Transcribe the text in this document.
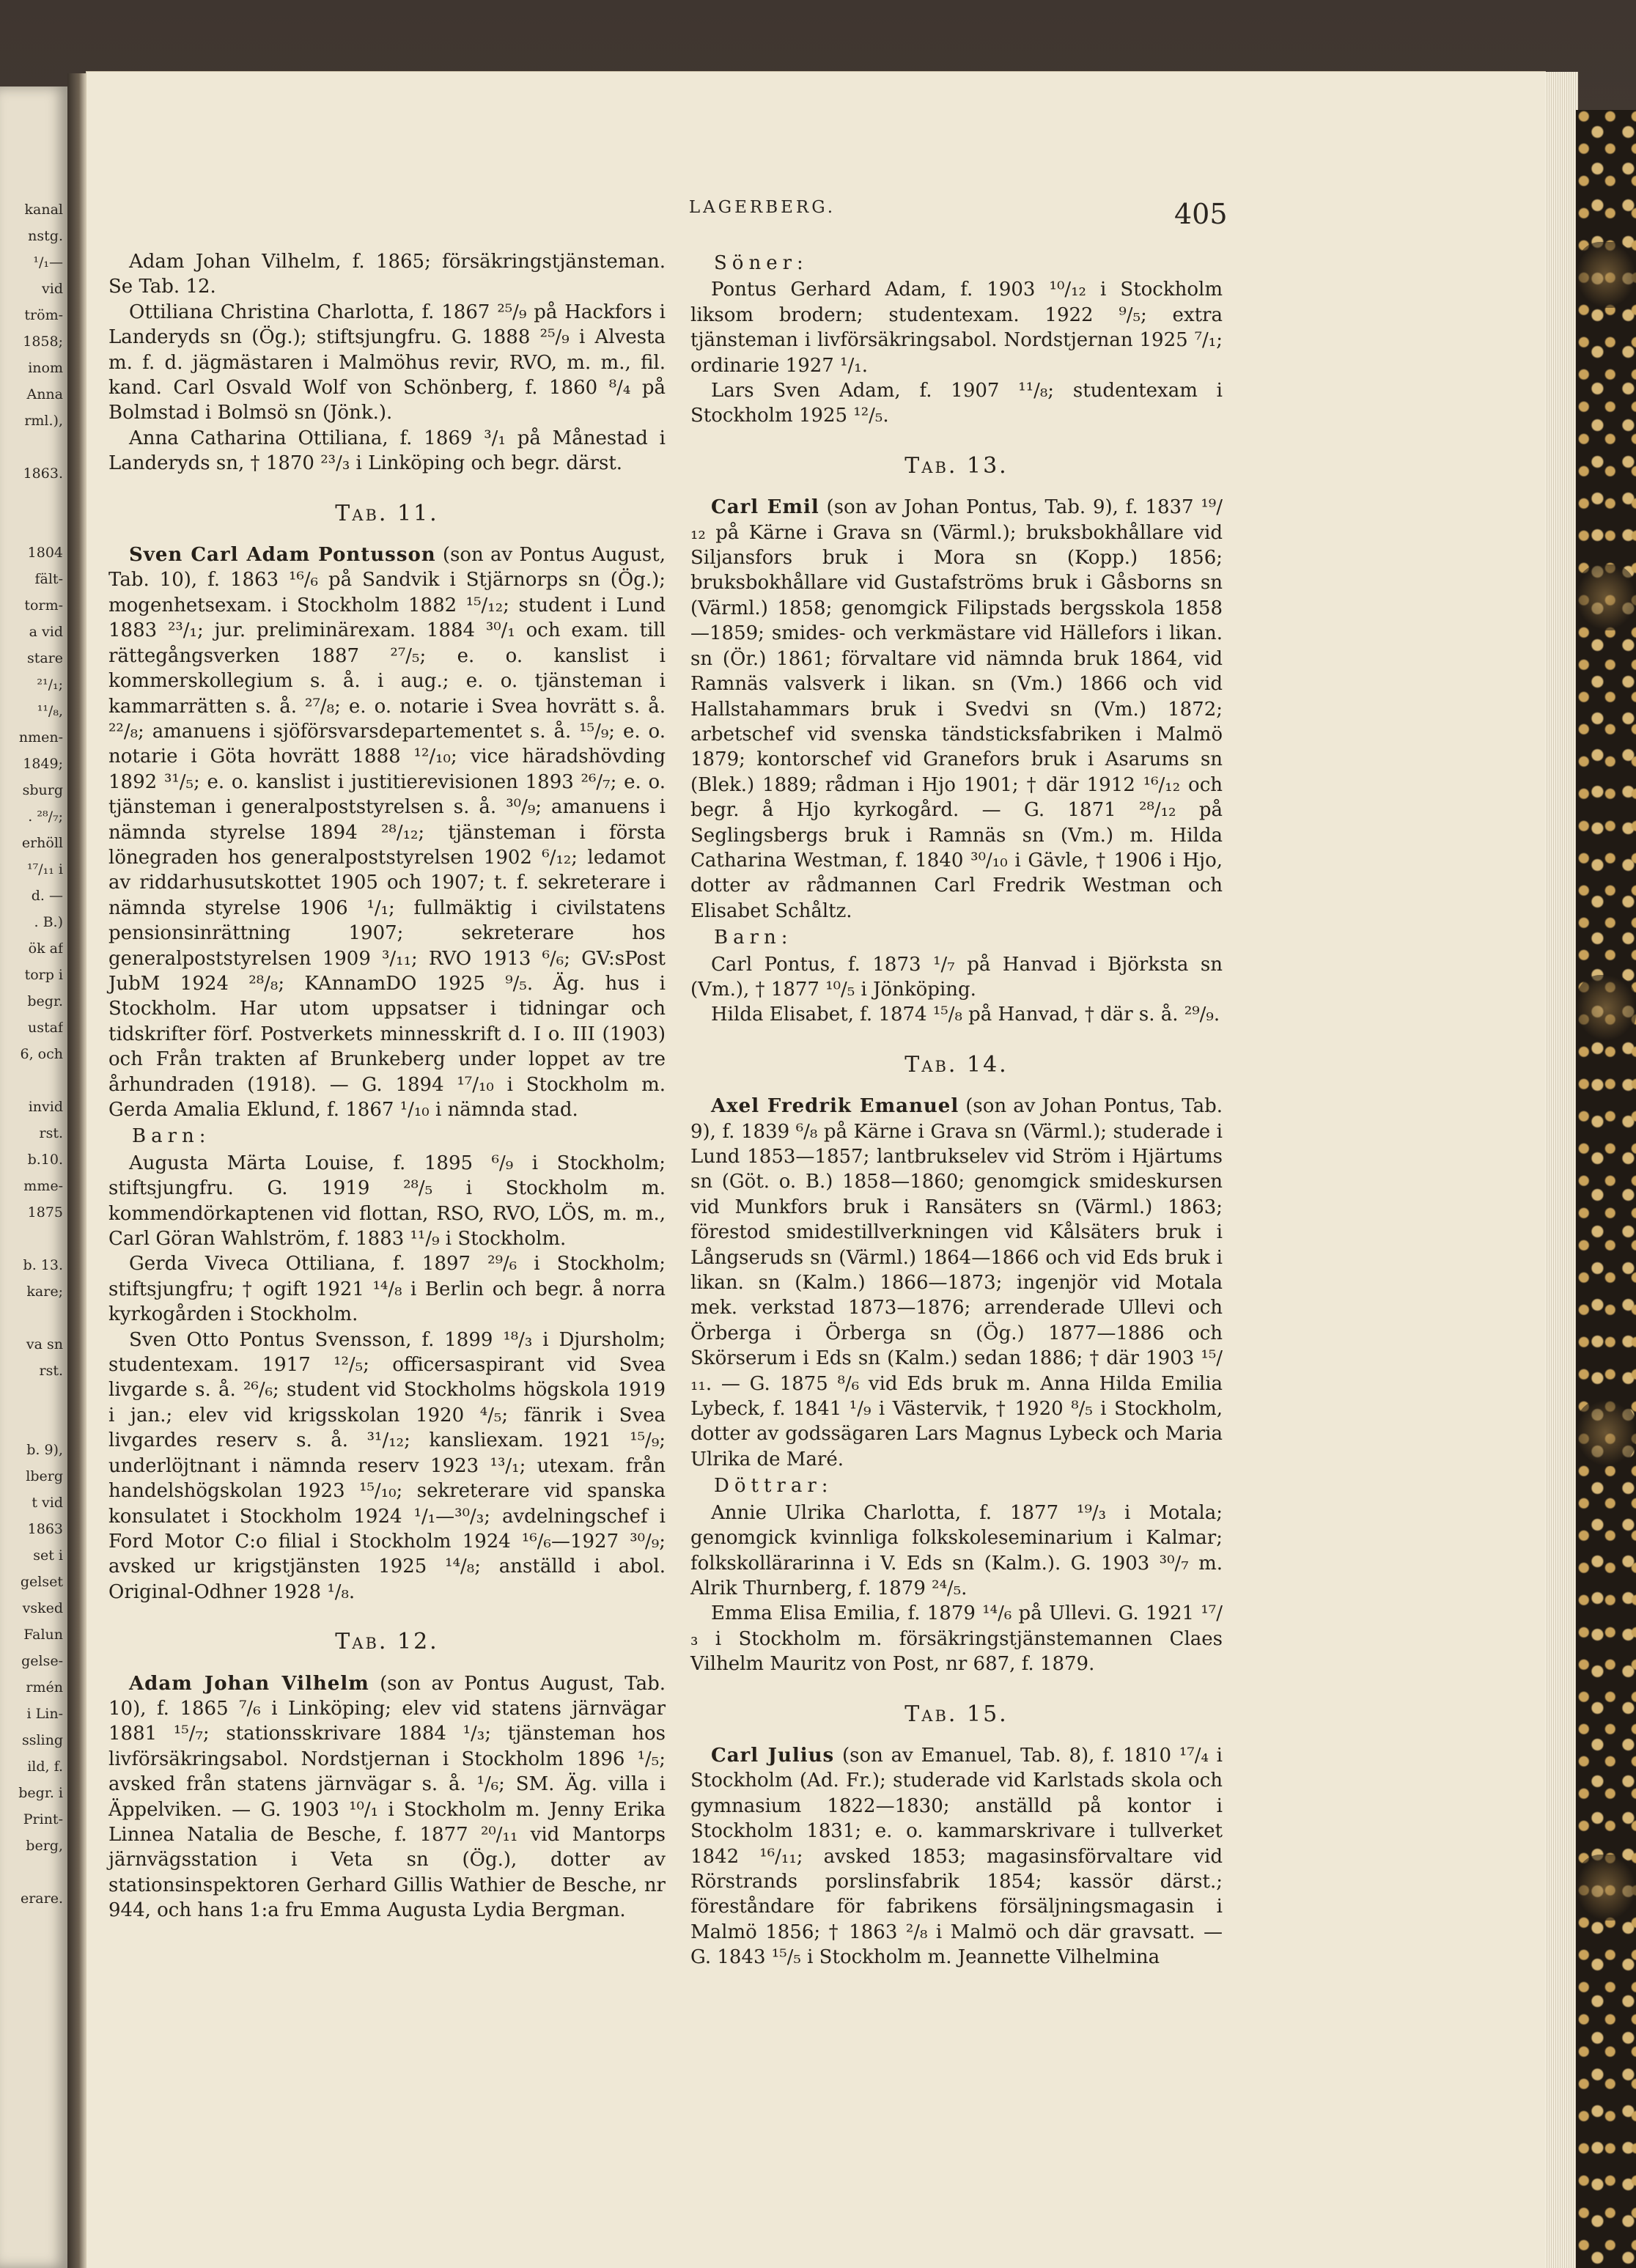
kanal
nstg.
¹/₁—
vid
tröm-
1858;
inom
Anna
rml.),
1863.
1804
fält-
torm-
a vid
stare
²¹/₁;
¹¹/₈,
nmen-
1849;
sburg
. ²⁸/₇;
erhöll
¹⁷/₁₁ i
d. —
. B.)
ök af
torp i
begr.
ustaf
6, och
invid
rst.
b.10.
mme-
1875
b. 13.
kare;
va sn
rst.
b. 9),
lberg
t vid
1863
set i
gelset
vsked
Falun
gelse-
rmén
i Lin-
ssling
ild, f.
begr. i
Print-
berg,
erare.
LAGERBERG.	405

Adam Johan Vilhelm, f. 1865; försäkringstjänsteman. Se Tab. 12.

Ottiliana Christina Charlotta, f. 1867 ²⁵/₉ på Hackfors i Landeryds sn (Ög.); stiftsjungfru. G. 1888 ²⁵/₉ i Alvesta m. f. d. jägmästaren i Malmöhus revir, RVO, m. m., fil. kand. Carl Osvald Wolf von Schönberg, f. 1860 ⁸/₄ på Bolmstad i Bolmsö sn (Jönk.).

Anna Catharina Ottiliana, f. 1869 ³/₁ på Månestad i Landeryds sn, † 1870 ²³/₃ i Linköping och begr. därst.

Tab. 11.

Sven Carl Adam Pontusson (son av Pontus August, Tab. 10), f. 1863 ¹⁶/₆ på Sandvik i Stjärnorps sn (Ög.); mogenhetsexam. i Stockholm 1882 ¹⁵/₁₂; student i Lund 1883 ²³/₁; jur. preliminärexam. 1884 ³⁰/₁ och exam. till rättegångsverken 1887 ²⁷/₅; e. o. kanslist i kommerskollegium s. å. i aug.; e. o. tjänsteman i kammarrätten s. å. ²⁷/₈; e. o. notarie i Svea hovrätt s. å. ²²/₈; amanuens i sjöförsvarsdepartementet s. å. ¹⁵/₉; e. o. notarie i Göta hovrätt 1888 ¹²/₁₀; vice häradshövding 1892 ³¹/₅; e. o. kanslist i justitierevisionen 1893 ²⁶/₇; e. o. tjänsteman i generalpoststyrelsen s. å. ³⁰/₉; amanuens i nämnda styrelse 1894 ²⁸/₁₂; tjänsteman i första lönegraden hos generalpoststyrelsen 1902 ⁶/₁₂; ledamot av riddarhusutskottet 1905 och 1907; t. f. sekreterare i nämnda styrelse 1906 ¹/₁; fullmäktig i civilstatens pensionsinrättning 1907; sekreterare hos generalpoststyrelsen 1909 ³/₁₁; RVO 1913 ⁶/₆; GV:sPost JubM 1924 ²⁸/₈; KAnnamDO 1925 ⁹/₅. Äg. hus i Stockholm. Har utom uppsatser i tidningar och tidskrifter förf. Postverkets minnesskrift d. I o. III (1903) och Från trakten af Brunkeberg under loppet av tre århundraden (1918). — G. 1894 ¹⁷/₁₀ i Stockholm m. Gerda Amalia Eklund, f. 1867 ¹/₁₀ i nämnda stad.

Barn:

Augusta Märta Louise, f. 1895 ⁶/₉ i Stockholm; stiftsjungfru. G. 1919 ²⁸/₅ i Stockholm m. kommendörkaptenen vid flottan, RSO, RVO, LÖS, m. m., Carl Göran Wahlström, f. 1883 ¹¹/₉ i Stockholm.

Gerda Viveca Ottiliana, f. 1897 ²⁹/₆ i Stockholm; stiftsjungfru; † ogift 1921 ¹⁴/₈ i Berlin och begr. å norra kyrkogården i Stockholm.

Sven Otto Pontus Svensson, f. 1899 ¹⁸/₃ i Djursholm; studentexam. 1917 ¹²/₅; officersaspirant vid Svea livgarde s. å. ²⁶/₆; student vid Stockholms högskola 1919 i jan.; elev vid krigsskolan 1920 ⁴/₅; fänrik i Svea livgardes reserv s. å. ³¹/₁₂; kansliexam. 1921 ¹⁵/₉; underlöjtnant i nämnda reserv 1923 ¹³/₁; utexam. från handelshögskolan 1923 ¹⁵/₁₀; sekreterare vid spanska konsulatet i Stockholm 1924 ¹/₁—³⁰/₃; avdelningschef i Ford Motor C:o filial i Stockholm 1924 ¹⁶/₆—1927 ³⁰/₉; avsked ur krigstjänsten 1925 ¹⁴/₈; anställd i abol. Original-Odhner 1928 ¹/₈.

Tab. 12.

Adam Johan Vilhelm (son av Pontus August, Tab. 10), f. 1865 ⁷/₆ i Linköping; elev vid statens järnvägar 1881 ¹⁵/₇; stationsskrivare 1884 ¹/₃; tjänsteman hos livförsäkringsabol. Nordstjernan i Stockholm 1896 ¹/₅; avsked från statens järnvägar s. å. ¹/₆; SM. Äg. villa i Äppelviken. — G. 1903 ¹⁰/₁ i Stockholm m. Jenny Erika Linnea Natalia de Besche, f. 1877 ²⁰/₁₁ vid Mantorps järnvägsstation i Veta sn (Ög.), dotter av stationsinspektoren Gerhard Gillis Wathier de Besche, nr 944, och hans 1:a fru Emma Augusta Lydia Bergman.

Söner:

Pontus Gerhard Adam, f. 1903 ¹⁰/₁₂ i Stockholm liksom brodern; studentexam. 1922 ⁹/₅; extra tjänsteman i livförsäkringsabol. Nordstjernan 1925 ⁷/₁; ordinarie 1927 ¹/₁.

Lars Sven Adam, f. 1907 ¹¹/₈; studentexam i Stockholm 1925 ¹²/₅.

Tab. 13.

Carl Emil (son av Johan Pontus, Tab. 9), f. 1837 ¹⁹/₁₂ på Kärne i Grava sn (Värml.); bruksbokhållare vid Siljansfors bruk i Mora sn (Kopp.) 1856; bruksbokhållare vid Gustafströms bruk i Gåsborns sn (Värml.) 1858; genomgick Filipstads bergsskola 1858—1859; smides- och verkmästare vid Hällefors i likan. sn (Ör.) 1861; förvaltare vid nämnda bruk 1864, vid Ramnäs valsverk i likan. sn (Vm.) 1866 och vid Hallstahammars bruk i Svedvi sn (Vm.) 1872; arbetschef vid svenska tändsticksfabriken i Malmö 1879; kontorschef vid Granefors bruk i Asarums sn (Blek.) 1889; rådman i Hjo 1901; † där 1912 ¹⁶/₁₂ och begr. å Hjo kyrkogård. — G. 1871 ²⁸/₁₂ på Seglingsbergs bruk i Ramnäs sn (Vm.) m. Hilda Catharina Westman, f. 1840 ³⁰/₁₀ i Gävle, † 1906 i Hjo, dotter av rådmannen Carl Fredrik Westman och Elisabet Schåltz.

Barn:

Carl Pontus, f. 1873 ¹/₇ på Hanvad i Björksta sn (Vm.), † 1877 ¹⁰/₅ i Jönköping.

Hilda Elisabet, f. 1874 ¹⁵/₈ på Hanvad, † där s. å. ²⁹/₉.

Tab. 14.

Axel Fredrik Emanuel (son av Johan Pontus, Tab. 9), f. 1839 ⁶/₈ på Kärne i Grava sn (Värml.); studerade i Lund 1853—1857; lantbrukselev vid Ström i Hjärtums sn (Göt. o. B.) 1858—1860; genomgick smideskursen vid Munkfors bruk i Ransäters sn (Värml.) 1863; förestod smidestillverkningen vid Kålsäters bruk i Långseruds sn (Värml.) 1864—1866 och vid Eds bruk i likan. sn (Kalm.) 1866—1873; ingenjör vid Motala mek. verkstad 1873—1876; arrenderade Ullevi och Örberga i Örberga sn (Ög.) 1877—1886 och Skörserum i Eds sn (Kalm.) sedan 1886; † där 1903 ¹⁵/₁₁. — G. 1875 ⁸/₆ vid Eds bruk m. Anna Hilda Emilia Lybeck, f. 1841 ¹/₉ i Västervik, † 1920 ⁸/₅ i Stockholm, dotter av godssägaren Lars Magnus Lybeck och Maria Ulrika de Maré.

Döttrar:

Annie Ulrika Charlotta, f. 1877 ¹⁹/₃ i Motala; genomgick kvinnliga folkskoleseminarium i Kalmar; folkskollärarinna i V. Eds sn (Kalm.). G. 1903 ³⁰/₇ m. Alrik Thurnberg, f. 1879 ²⁴/₅.

Emma Elisa Emilia, f. 1879 ¹⁴/₆ på Ullevi. G. 1921 ¹⁷/₃ i Stockholm m. försäkringstjänstemannen Claes Vilhelm Mauritz von Post, nr 687, f. 1879.

Tab. 15.

Carl Julius (son av Emanuel, Tab. 8), f. 1810 ¹⁷/₄ i Stockholm (Ad. Fr.); studerade vid Karlstads skola och gymnasium 1822—1830; anställd på kontor i Stockholm 1831; e. o. kammarskrivare i tullverket 1842 ¹⁶/₁₁; avsked 1853; magasinsförvaltare vid Rörstrands porslinsfabrik 1854; kassör därst.; föreståndare för fabrikens försäljningsmagasin i Malmö 1856; † 1863 ²/₈ i Malmö och där gravsatt. — G. 1843 ¹⁵/₅ i Stockholm m. Jeannette Vilhelmina
